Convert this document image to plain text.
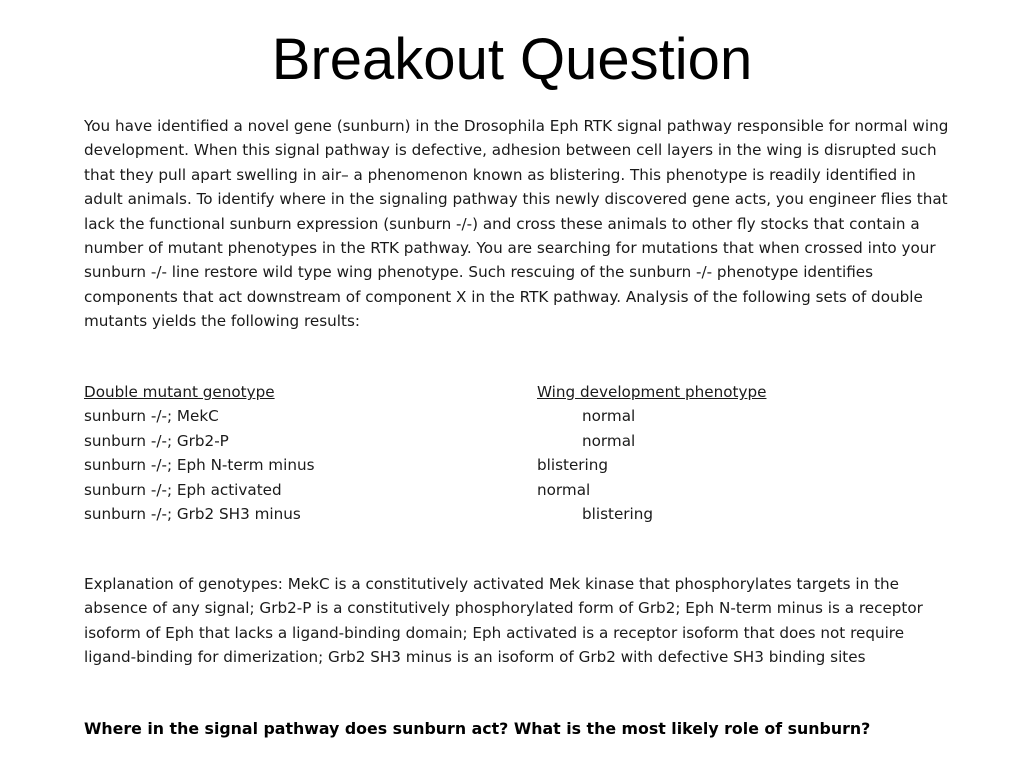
Breakout Question

You have identified a novel gene (sunburn) in the Drosophila Eph RTK signal pathway responsible for normal wing development. When this signal pathway is defective, adhesion between cell layers in the wing is disrupted such that they pull apart swelling in air– a phenomenon known as blistering. This phenotype is readily identified in adult animals. To identify where in the signaling pathway this newly discovered gene acts, you engineer flies that lack the functional sunburn expression (sunburn -/-) and cross these animals to other fly stocks that contain a number of mutant phenotypes in the RTK pathway. You are searching for mutations that when crossed into your sunburn -/- line restore wild type wing phenotype. Such rescuing of the sunburn -/- phenotype identifies components that act downstream of component X in the RTK pathway. Analysis of the following sets of double mutants yields the following results:

Double mutant genotype	Wing development phenotype
sunburn -/-; MekC	normal
sunburn -/-; Grb2-P	normal
sunburn -/-; Eph N-term minus	blistering
sunburn -/-; Eph activated	normal
sunburn -/-; Grb2 SH3 minus	blistering

Explanation of genotypes: MekC is a constitutively activated Mek kinase that phosphorylates targets in the absence of any signal; Grb2-P is a constitutively phosphorylated form of Grb2; Eph N-term minus is a receptor isoform of Eph that lacks a ligand-binding domain; Eph activated is a receptor isoform that does not require ligand-binding for dimerization; Grb2 SH3 minus is an isoform of Grb2 with defective SH3 binding sites

Where in the signal pathway does sunburn act? What is the most likely role of sunburn?
